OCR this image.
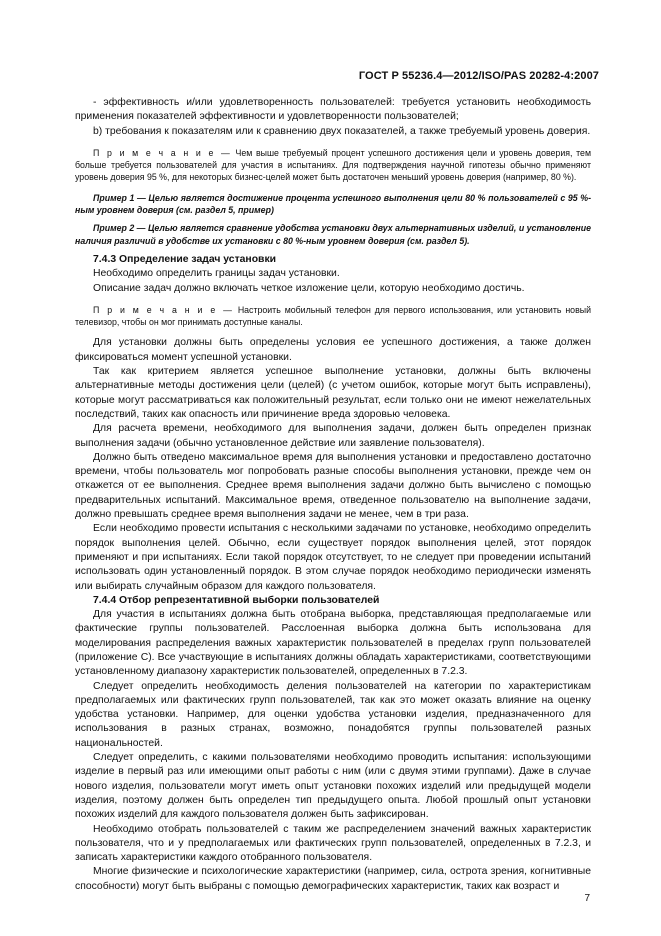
ГОСТ Р 55236.4—2012/ISO/PAS 20282-4:2007

- эффективность и/или удовлетворенность пользователей: требуется установить необходимость применения показателей эффективности и удовлетворенности пользователей;

b) требования к показателям или к сравнению двух показателей, а также требуемый уровень доверия.

П р и м е ч а н и е — Чем выше требуемый процент успешного достижения цели и уровень доверия, тем больше требуется пользователей для участия в испытаниях. Для подтверждения научной гипотезы обычно применяют уровень доверия 95 %, для некоторых бизнес-целей может быть достаточен меньший уровень доверия (например, 80 %).

Пример 1 — Целью является достижение процента успешного выполнения цели 80 % пользователей с 95 %-ным уровнем доверия (см. раздел 5, пример)

Пример 2 — Целью является сравнение удобства установки двух альтернативных изделий, и установление наличия различий в удобстве их установки с 80 %-ным уровнем доверия (см. раздел 5).

7.4.3 Определение задач установки

Необходимо определить границы задач установки.

Описание задач должно включать четкое изложение цели, которую необходимо достичь.

П р и м е ч а н и е — Настроить мобильный телефон для первого использования, или установить новый телевизор, чтобы он мог принимать доступные каналы.

Для установки должны быть определены условия ее успешного достижения, а также должен фиксироваться момент успешной установки.

Так как критерием является успешное выполнение установки, должны быть включены альтернативные методы достижения цели (целей) (с учетом ошибок, которые могут быть исправлены), которые могут рассматриваться как положительный результат, если только они не имеют нежелательных последствий, таких как опасность или причинение вреда здоровью человека.

Для расчета времени, необходимого для выполнения задачи, должен быть определен признак выполнения задачи (обычно установленное действие или заявление пользователя).

Должно быть отведено максимальное время для выполнения установки и предоставлено достаточно времени, чтобы пользователь мог попробовать разные способы выполнения установки, прежде чем он откажется от ее выполнения. Среднее время выполнения задачи должно быть вычислено с помощью предварительных испытаний. Максимальное время, отведенное пользователю на выполнение задачи, должно превышать среднее время выполнения задачи не менее, чем в три раза.

Если необходимо провести испытания с несколькими задачами по установке, необходимо определить порядок выполнения целей. Обычно, если существует порядок выполнения целей, этот порядок применяют и при испытаниях. Если такой порядок отсутствует, то не следует при проведении испытаний использовать один установленный порядок. В этом случае порядок необходимо периодически изменять или выбирать случайным образом для каждого пользователя.

7.4.4 Отбор репрезентативной выборки пользователей

Для участия в испытаниях должна быть отобрана выборка, представляющая предполагаемые или фактические группы пользователей. Расслоенная выборка должна быть использована для моделирования распределения важных характеристик пользователей в пределах групп пользователей (приложение С). Все участвующие в испытаниях должны обладать характеристиками, соответствующими установленному диапазону характеристик пользователей, определенных в 7.2.3.

Следует определить необходимость деления пользователей на категории по характеристикам предполагаемых или фактических групп пользователей, так как это может оказать влияние на оценку удобства установки. Например, для оценки удобства установки изделия, предназначенного для использования в разных странах, возможно, понадобятся группы пользователей разных национальностей.

Следует определить, с какими пользователями необходимо проводить испытания: использующими изделие в первый раз или имеющими опыт работы с ним (или с двумя этими группами). Даже в случае нового изделия, пользователи могут иметь опыт установки похожих изделий или предыдущей модели изделия, поэтому должен быть определен тип предыдущего опыта. Любой прошлый опыт установки похожих изделий для каждого пользователя должен быть зафиксирован.

Необходимо отобрать пользователей с таким же распределением значений важных характеристик пользователя, что и у предполагаемых или фактических групп пользователей, определенных в 7.2.3, и записать характеристики каждого отобранного пользователя.

Многие физические и психологические характеристики (например, сила, острота зрения, когнитивные способности) могут быть выбраны с помощью демографических характеристик, таких как возраст и

7
